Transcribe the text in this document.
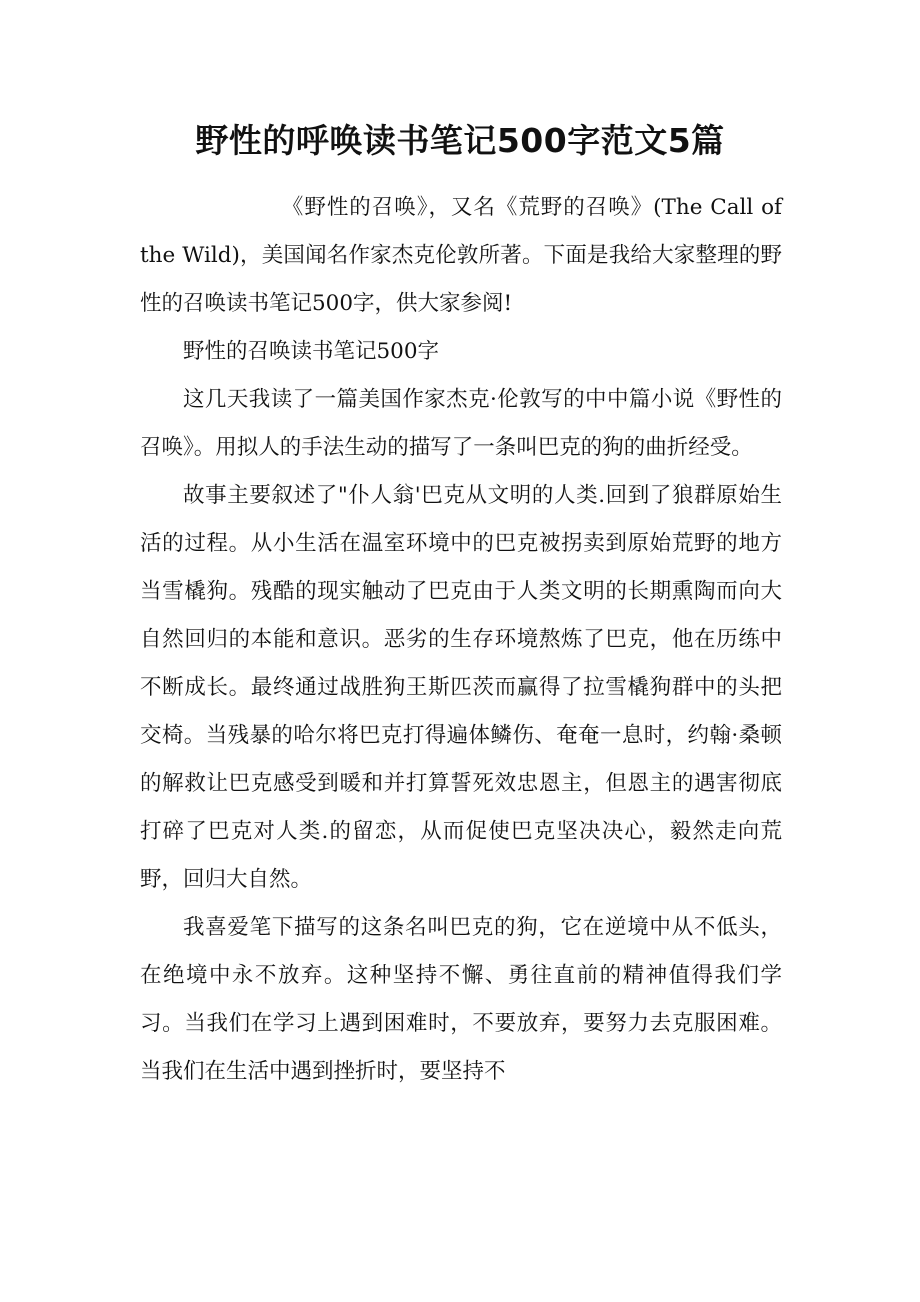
野性的呼唤读书笔记500字范文5篇

《野性的召唤》，又名《荒野的召唤》(The Call of the Wild)，美国闻名作家杰克伦敦所著。下面是我给大家整理的野性的召唤读书笔记500字，供大家参阅!

野性的召唤读书笔记500字

这几天我读了一篇美国作家杰克·伦敦写的中中篇小说《野性的召唤》。用拟人的手法生动的描写了一条叫巴克的狗的曲折经受。

故事主要叙述了"仆人翁'巴克从文明的人类.回到了狼群原始生活的过程。从小生活在温室环境中的巴克被拐卖到原始荒野的地方当雪橇狗。残酷的现实触动了巴克由于人类文明的长期熏陶而向大自然回归的本能和意识。恶劣的生存环境熬炼了巴克，他在历练中不断成长。最终通过战胜狗王斯匹茨而赢得了拉雪橇狗群中的头把交椅。当残暴的哈尔将巴克打得遍体鳞伤、奄奄一息时，约翰·桑顿的解救让巴克感受到暖和并打算誓死效忠恩主，但恩主的遇害彻底打碎了巴克对人类.的留恋，从而促使巴克坚决决心，毅然走向荒野，回归大自然。

我喜爱笔下描写的这条名叫巴克的狗，它在逆境中从不低头，在绝境中永不放弃。这种坚持不懈、勇往直前的精神值得我们学习。当我们在学习上遇到困难时，不要放弃，要努力去克服困难。当我们在生活中遇到挫折时，要坚持不
